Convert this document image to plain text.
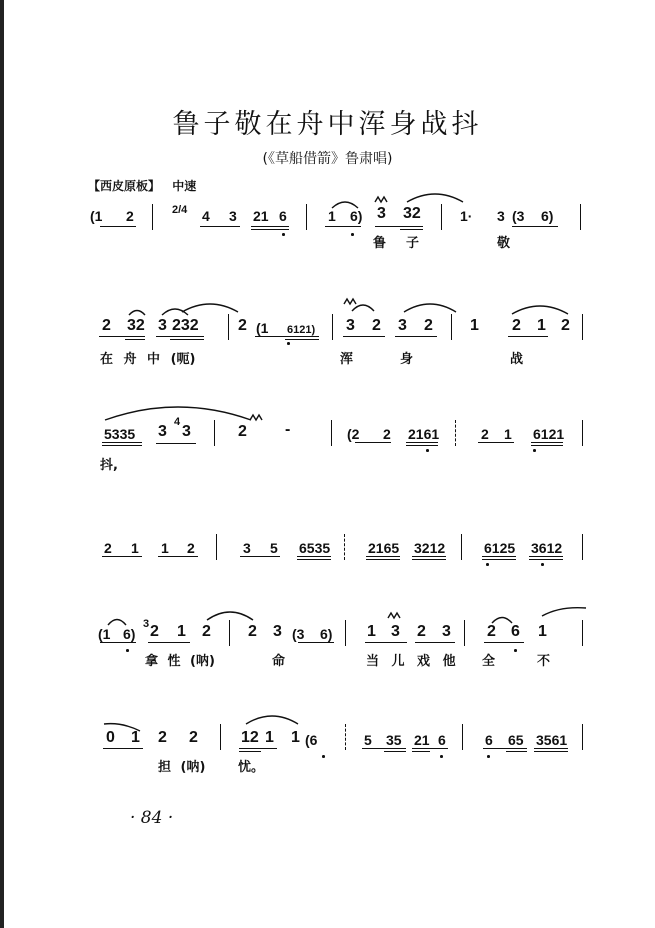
鲁子敬在舟中浑身战抖
(《草船借箭》鲁肃唱)
【西皮原板】 中速
(1 2	2/4 4 3 21 6	1 6) 3 32	1· 3 (3 6)
鲁 子	敬
2 32 3 232 2 (1 6121) 3 2 3 2 1 2 1 2
在 舟 中 (呃)	浑	身	战
5335 3
4
3	2 -	(2 2 2161	2 1 6121
抖,
2 1 1 2	3 5 6535	2165 3212	6125 3612
(1 6)
3 2 1 2 2 3 (3 6) 1 3 2 3 2 6 1
拿 性 (呐)	命	当 儿 戏 他 全	不
0 1 2 2	12 1 1 (6	5 35 21 6	6 65 3561
担 (呐)	忧。
· 84 ·
